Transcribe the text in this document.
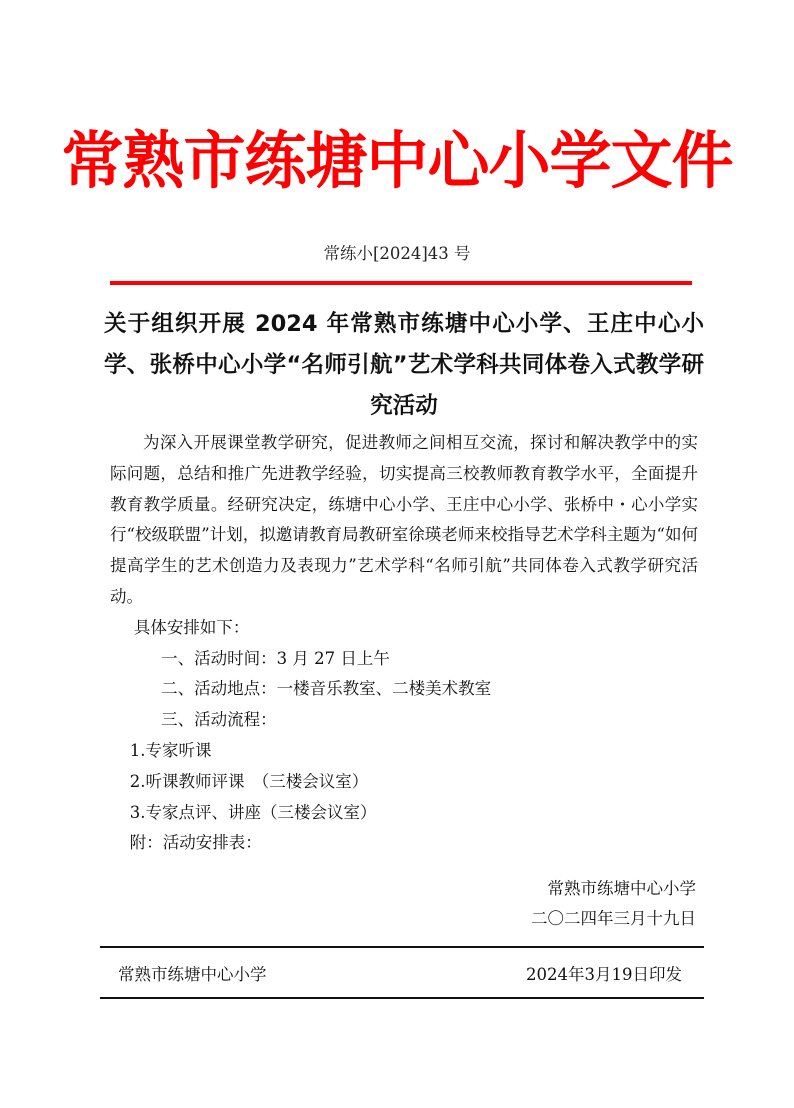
常熟市练塘中心小学文件
常练小[2024]43 号
关于组织开展 2024 年常熟市练塘中心小学、王庄中心小学、张桥中心小学“名师引航”艺术学科共同体卷入式教学研究活动

为深入开展课堂教学研究，促进教师之间相互交流，探讨和解决教学中的实际问题，总结和推广先进教学经验，切实提高三校教师教育教学水平，全面提升教育教学质量。经研究决定，练塘中心小学、王庄中心小学、张桥中・心小学实行“校级联盟”计划，拟邀请教育局教研室徐瑛老师来校指导艺术学科主题为“如何提高学生的艺术创造力及表现力”艺术学科“名师引航”共同体卷入式教学研究活动。

具体安排如下：

一、活动时间：3 月 27 日上午

二、活动地点：一楼音乐教室、二楼美术教室

三、活动流程：

1.专家听课

2.听课教师评课　（三楼会议室）

3.专家点评、讲座（三楼会议室）

附：活动安排表：

常熟市练塘中心小学
二〇二四年三月十九日
常熟市练塘中心小学	2024年3月19日印发
